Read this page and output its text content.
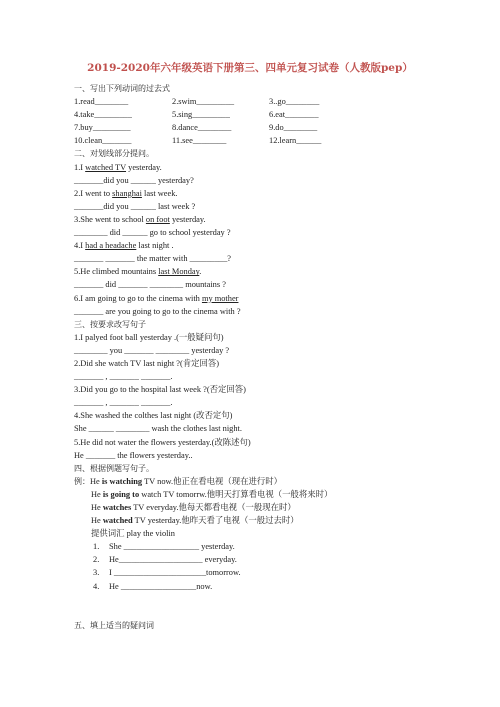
2019-2020年六年级英语下册第三、四单元复习试卷（人教版pep）
一、写出下列动词的过去式
1.read________	2.swim_________	3..go________
4.take_________	5.sing_________	6.eat________
7.buy_________	8.dance________	9.do________
10.clean_______	11.see________	12.learn______
二、对划线部分提问。
1.I watched TV yesterday.
_______did you ______ yesterday?
2.I went to shanghai last week.
_______did you ______ last week ?
3.She went to school on foot yesterday.
________ did ______ go to school yesterday ?
4.I had a headache last night .
_______ _______ the matter with _________?
5.He climbed mountains last Monday.
_______ did _______ ________ mountains ?
6.I am going to go to the cinema with my mother
_______ are you going to go to the cinema with ?
三、按要求改写句子
1.I palyed foot ball yesterday .(一般疑问句)
________ you _______ ________ yesterday ?
2.Did she watch TV last night ?(肯定回答)
_______ , _______ _______.
3.Did you go to the hospital last week ?(否定回答)
_______ , _______ _______.
4.She washed the colthes last night (改否定句)
She ______ ________ wash the clothes last night.
5.He did not water the flowers yesterday.(改陈述句)
He _______ the flowers yesterday..
四、根据例题写句子。
例：He is watching TV now.他正在看电视（现在进行时）
He is going to watch TV tomorrw.他明天打算看电视（一般将来时）
He watches TV everyday.他每天都看电视（一般现在时）
He watched TV yesterday.他昨天看了电视（一般过去时）
提供词汇 play the violin
1. She __________________ yesterday.
2. He____________________ everyday.
3. I ______________________tomorrow.
4. He __________________now.
五、填上适当的疑问词
